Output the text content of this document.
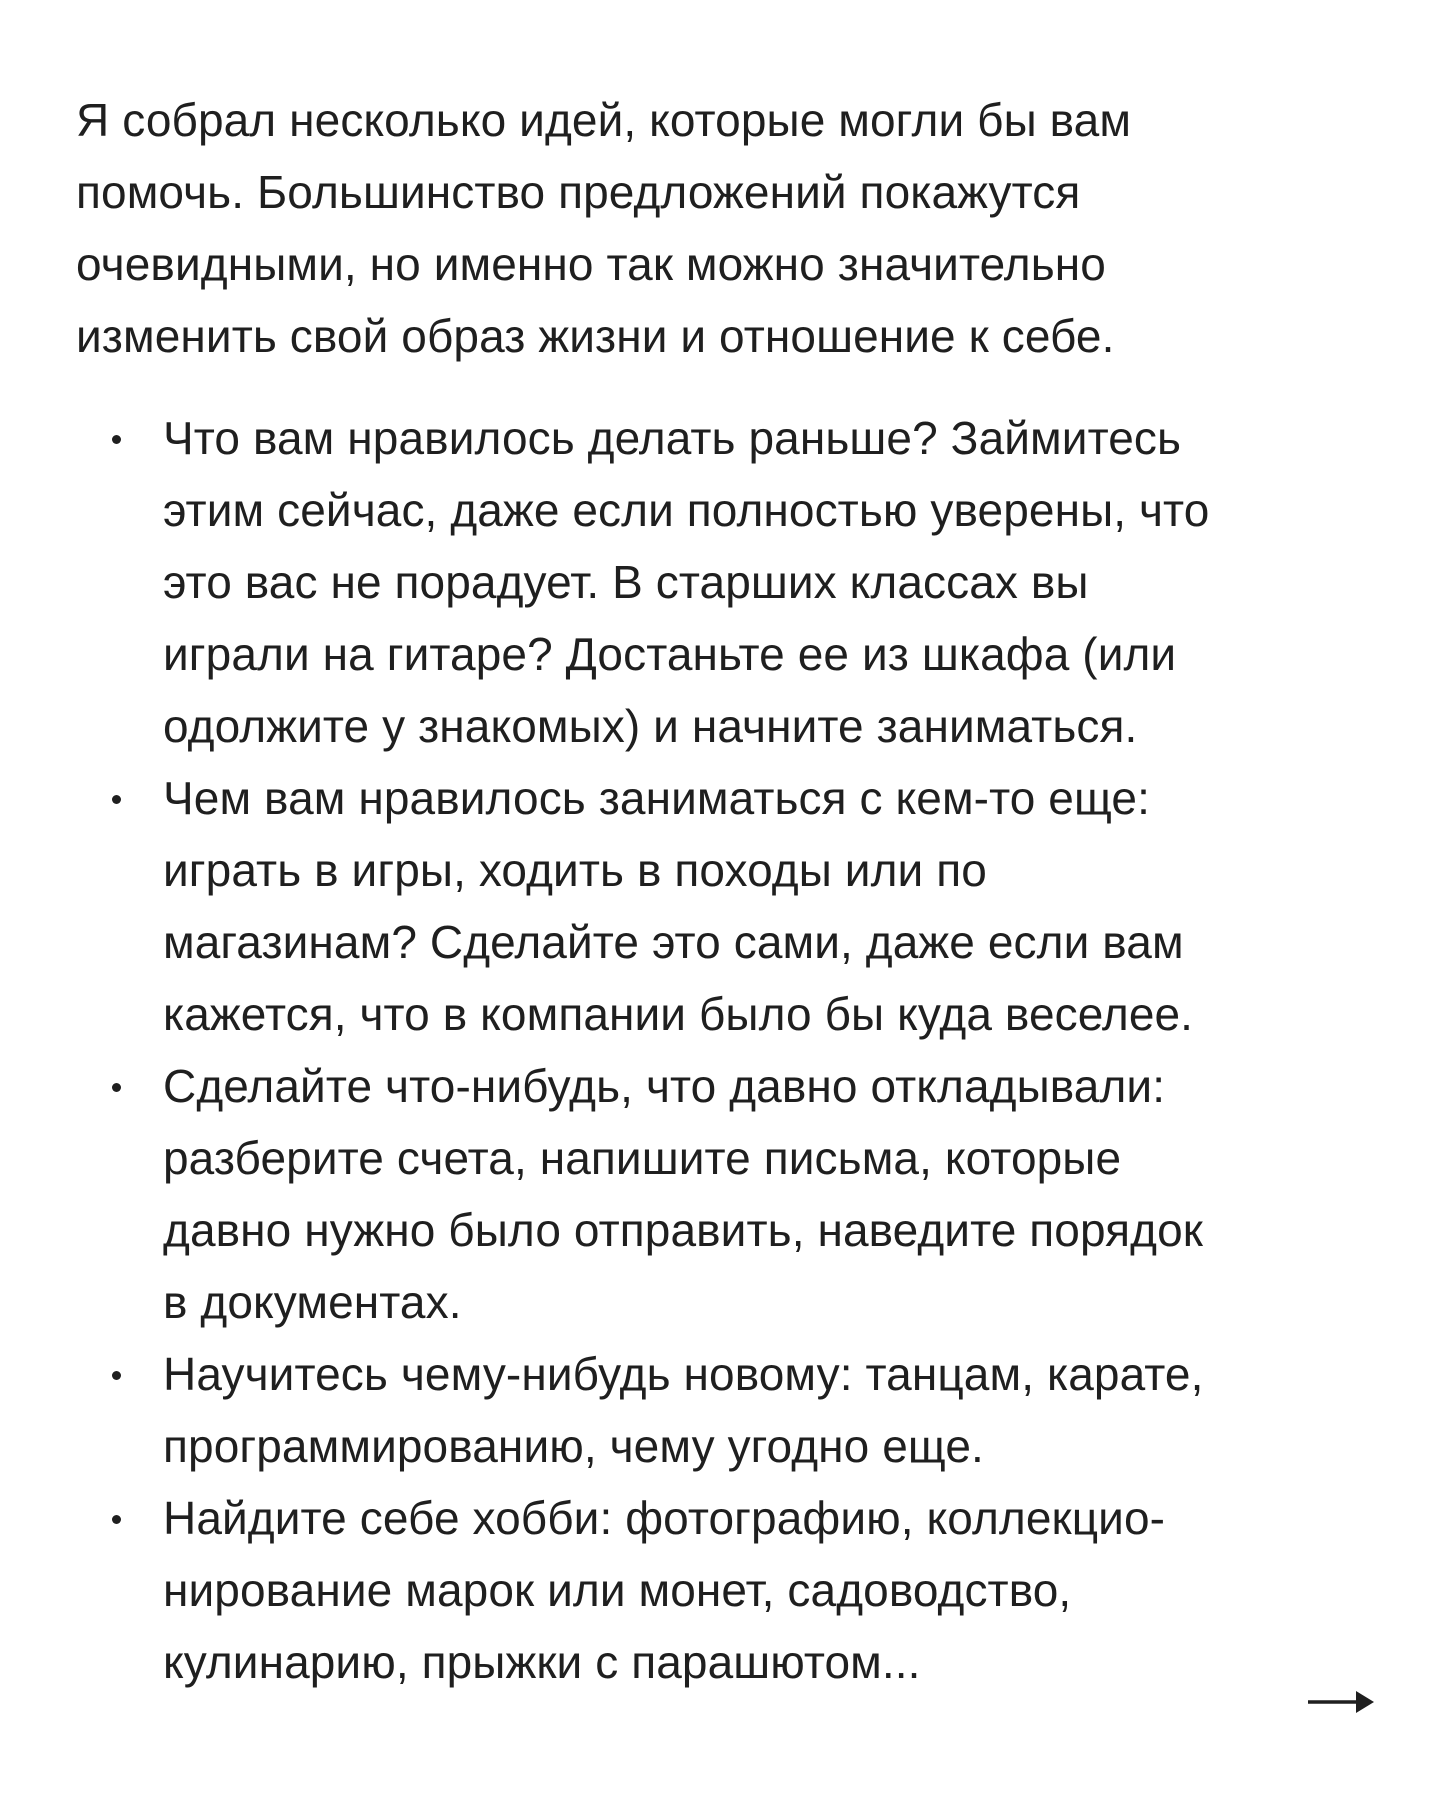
Я собрал несколько идей, которые могли бы вам
помочь. Большинство предложений покажутся
очевидными, но именно так можно значительно
изменить свой образ жизни и отношение к себе.

Что вам нравилось делать раньше? Займитесь
этим сейчас, даже если полностью уверены, что
это вас не порадует. В старших классах вы
играли на гитаре? Достаньте ее из шкафа (или
одолжите у знакомых) и начните заниматься.
Чем вам нравилось заниматься с кем-то еще:
играть в игры, ходить в походы или по
магазинам? Сделайте это сами, даже если вам
кажется, что в компании было бы куда веселее.
Сделайте что-нибудь, что давно откладывали:
разберите счета, напишите письма, которые
давно нужно было отправить, наведите порядок
в документах.
Научитесь чему-нибудь новому: танцам, карате,
программированию, чему угодно еще.
Найдите себе хобби: фотографию, коллекцио-
нирование марок или монет, садоводство,
кулинарию, прыжки с парашютом...
